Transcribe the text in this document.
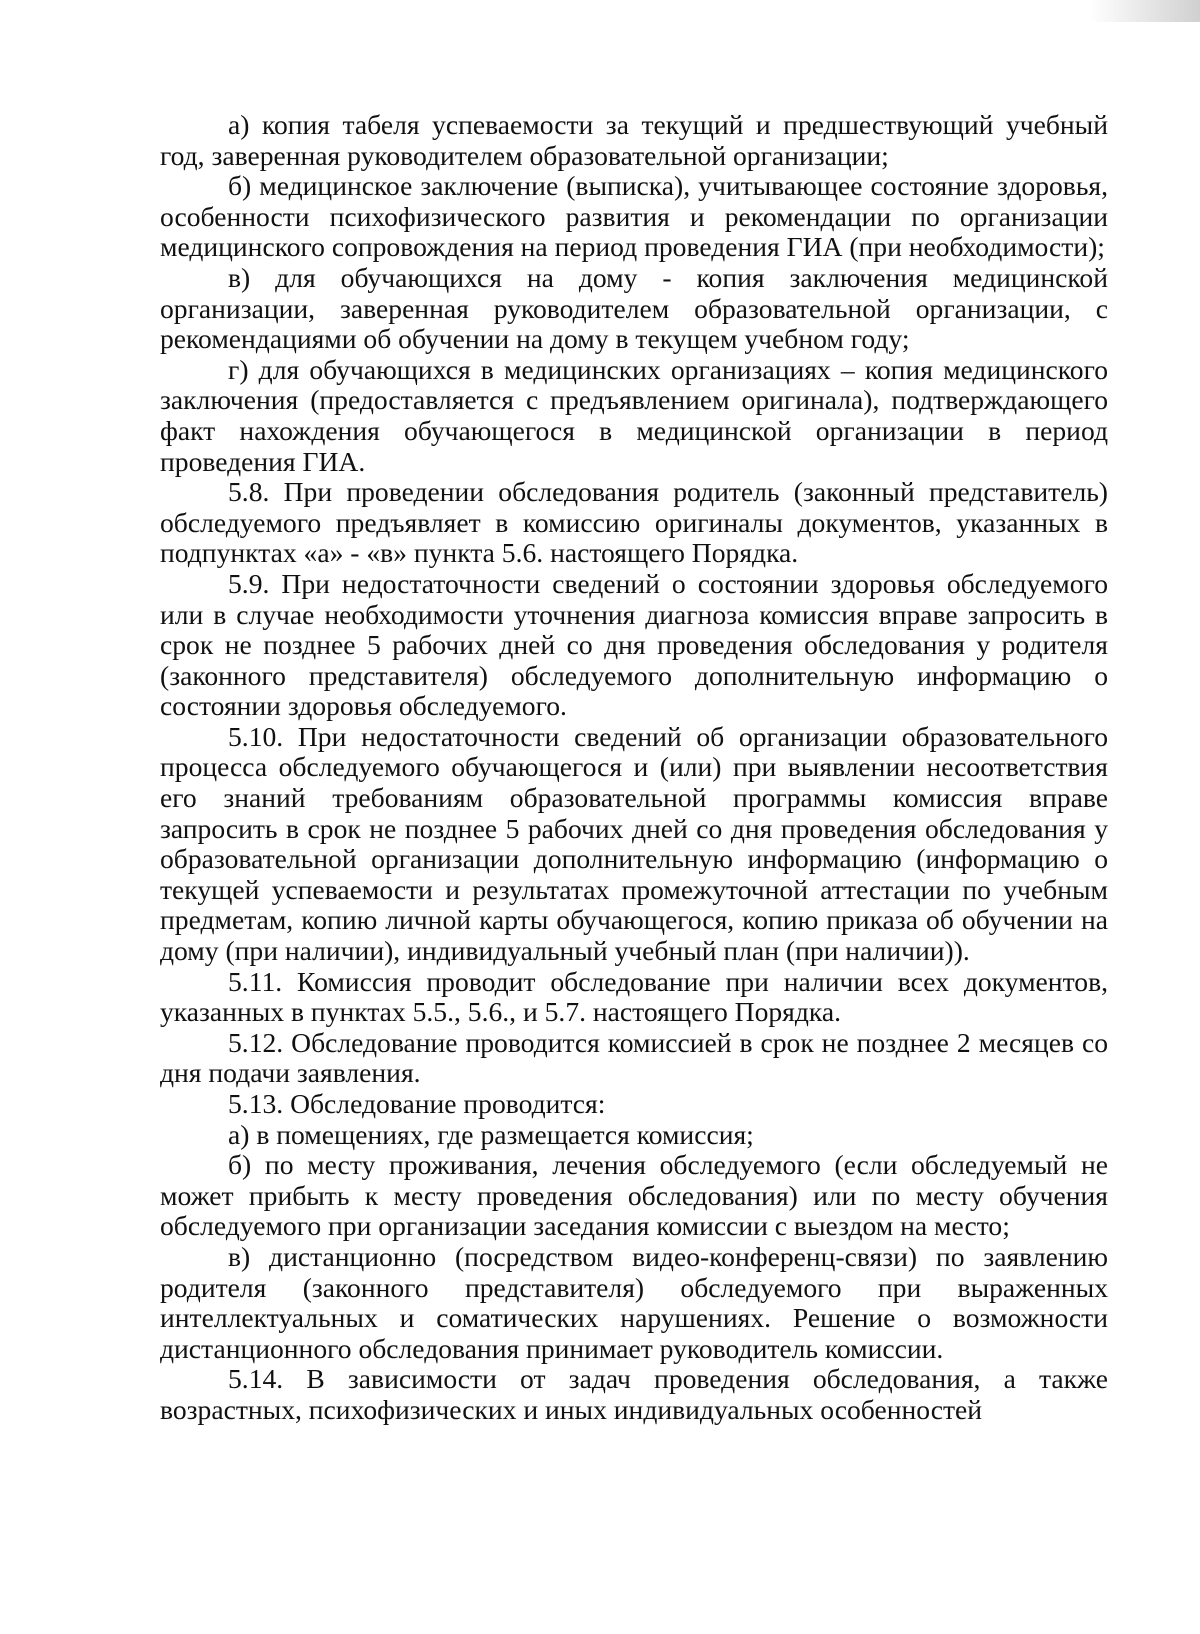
а) копия табеля успеваемости за текущий и предшествующий учебный год, заверенная руководителем образовательной организации;

б) медицинское заключение (выписка), учитывающее состояние здоровья, особенности психофизического развития и рекомендации по организации медицинского сопровождения на период проведения ГИА (при необходимости);

в) для обучающихся на дому - копия заключения медицинской организации, заверенная руководителем образовательной организации, с рекомендациями об обучении на дому в текущем учебном году;

г) для обучающихся в медицинских организациях – копия медицинского заключения (предоставляется с предъявлением оригинала), подтверждающего факт нахождения обучающегося в медицинской организации в период проведения ГИА.

5.8. При проведении обследования родитель (законный представитель) обследуемого предъявляет в комиссию оригиналы документов, указанных в подпунктах «а» - «в» пункта 5.6. настоящего Порядка.

5.9. При недостаточности сведений о состоянии здоровья обследуемого или в случае необходимости уточнения диагноза комиссия вправе запросить в срок не позднее 5 рабочих дней со дня проведения обследования у родителя (законного представителя) обследуемого дополнительную информацию о состоянии здоровья обследуемого.

5.10. При недостаточности сведений об организации образовательного процесса обследуемого обучающегося и (или) при выявлении несоответствия его знаний требованиям образовательной программы комиссия вправе запросить в срок не позднее 5 рабочих дней со дня проведения обследования у образовательной организации дополнительную информацию (информацию о текущей успеваемости и результатах промежуточной аттестации по учебным предметам, копию личной карты обучающегося, копию приказа об обучении на дому (при наличии), индивидуальный учебный план (при наличии)).

5.11. Комиссия проводит обследование при наличии всех документов, указанных в пунктах 5.5., 5.6., и 5.7. настоящего Порядка.

5.12. Обследование проводится комиссией в срок не позднее 2 месяцев со дня подачи заявления.

5.13. Обследование проводится:

а) в помещениях, где размещается комиссия;

б) по месту проживания, лечения обследуемого (если обследуемый не может прибыть к месту проведения обследования) или по месту обучения обследуемого при организации заседания комиссии с выездом на место;

в) дистанционно (посредством видео-конференц-связи) по заявлению родителя (законного представителя) обследуемого при выраженных интеллектуальных и соматических нарушениях. Решение о возможности дистанционного обследования принимает руководитель комиссии.

5.14. В зависимости от задач проведения обследования, а также возрастных, психофизических и иных индивидуальных особенностей
